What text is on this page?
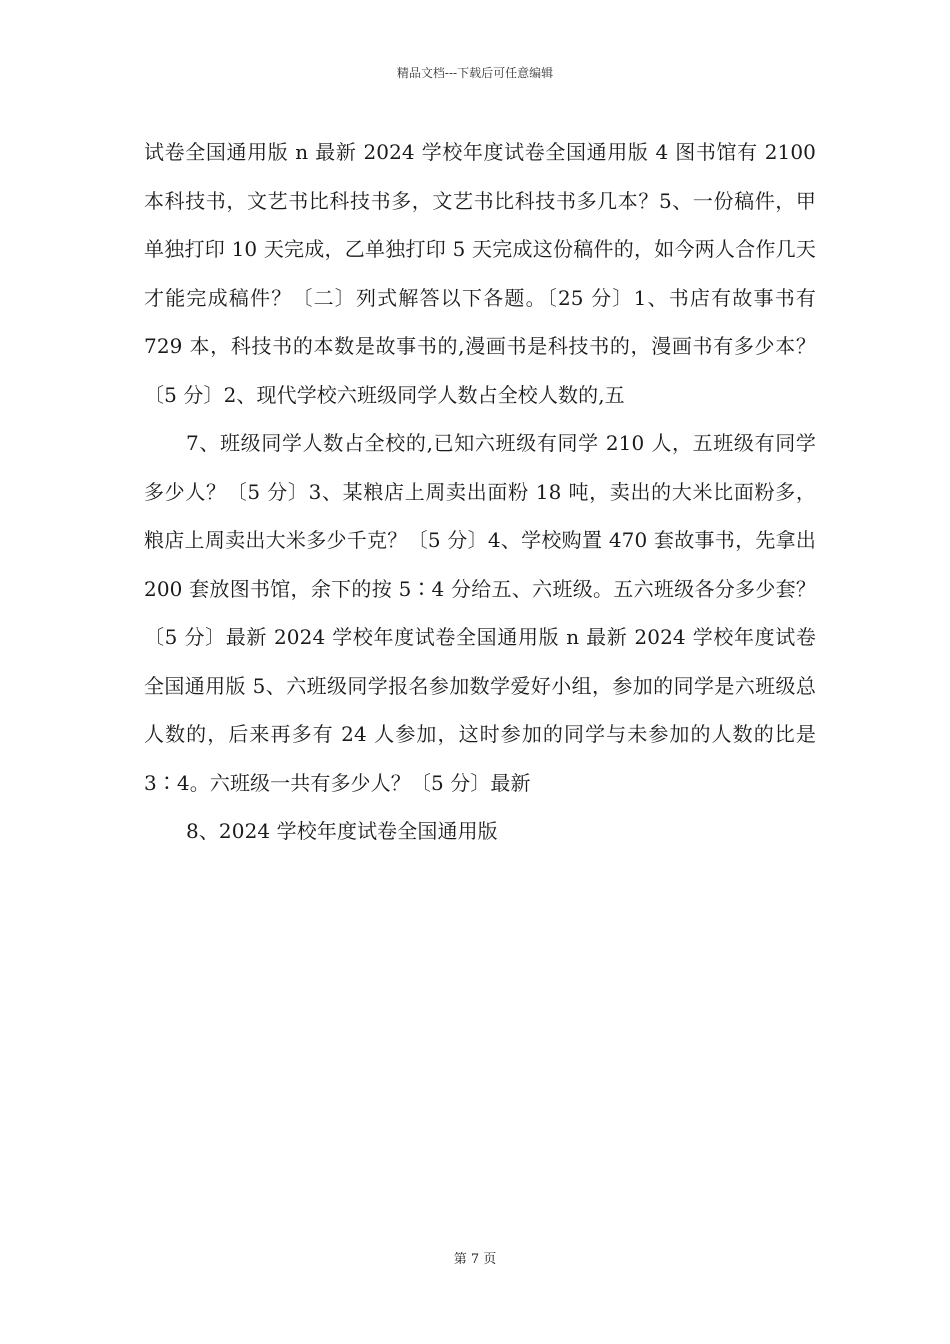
精品文档---下载后可任意编辑

试卷全国通用版 n 最新 2024 学校年度试卷全国通用版 4 图书馆有 2100 本科技书，文艺书比科技书多，文艺书比科技书多几本？5、一份稿件，甲单独打印 10 天完成，乙单独打印 5 天完成这份稿件的，如今两人合作几天才能完成稿件？〔二〕列式解答以下各题。〔25 分〕1、书店有故事书有 729 本，科技书的本数是故事书的,漫画书是科技书的，漫画书有多少本？〔5 分〕2、现代学校六班级同学人数占全校人数的,五

7、班级同学人数占全校的,已知六班级有同学 210 人，五班级有同学多少人？〔5 分〕3、某粮店上周卖出面粉 18 吨，卖出的大米比面粉多，粮店上周卖出大米多少千克？〔5 分〕4、学校购置 470 套故事书，先拿出 200 套放图书馆，余下的按 5∶4 分给五、六班级。五六班级各分多少套？〔5 分〕最新 2024 学校年度试卷全国通用版 n 最新 2024 学校年度试卷全国通用版 5、六班级同学报名参加数学爱好小组，参加的同学是六班级总人数的，后来再多有 24 人参加，这时参加的同学与未参加的人数的比是 3∶4。六班级一共有多少人？〔5 分〕最新

8、2024 学校年度试卷全国通用版

第 7 页
